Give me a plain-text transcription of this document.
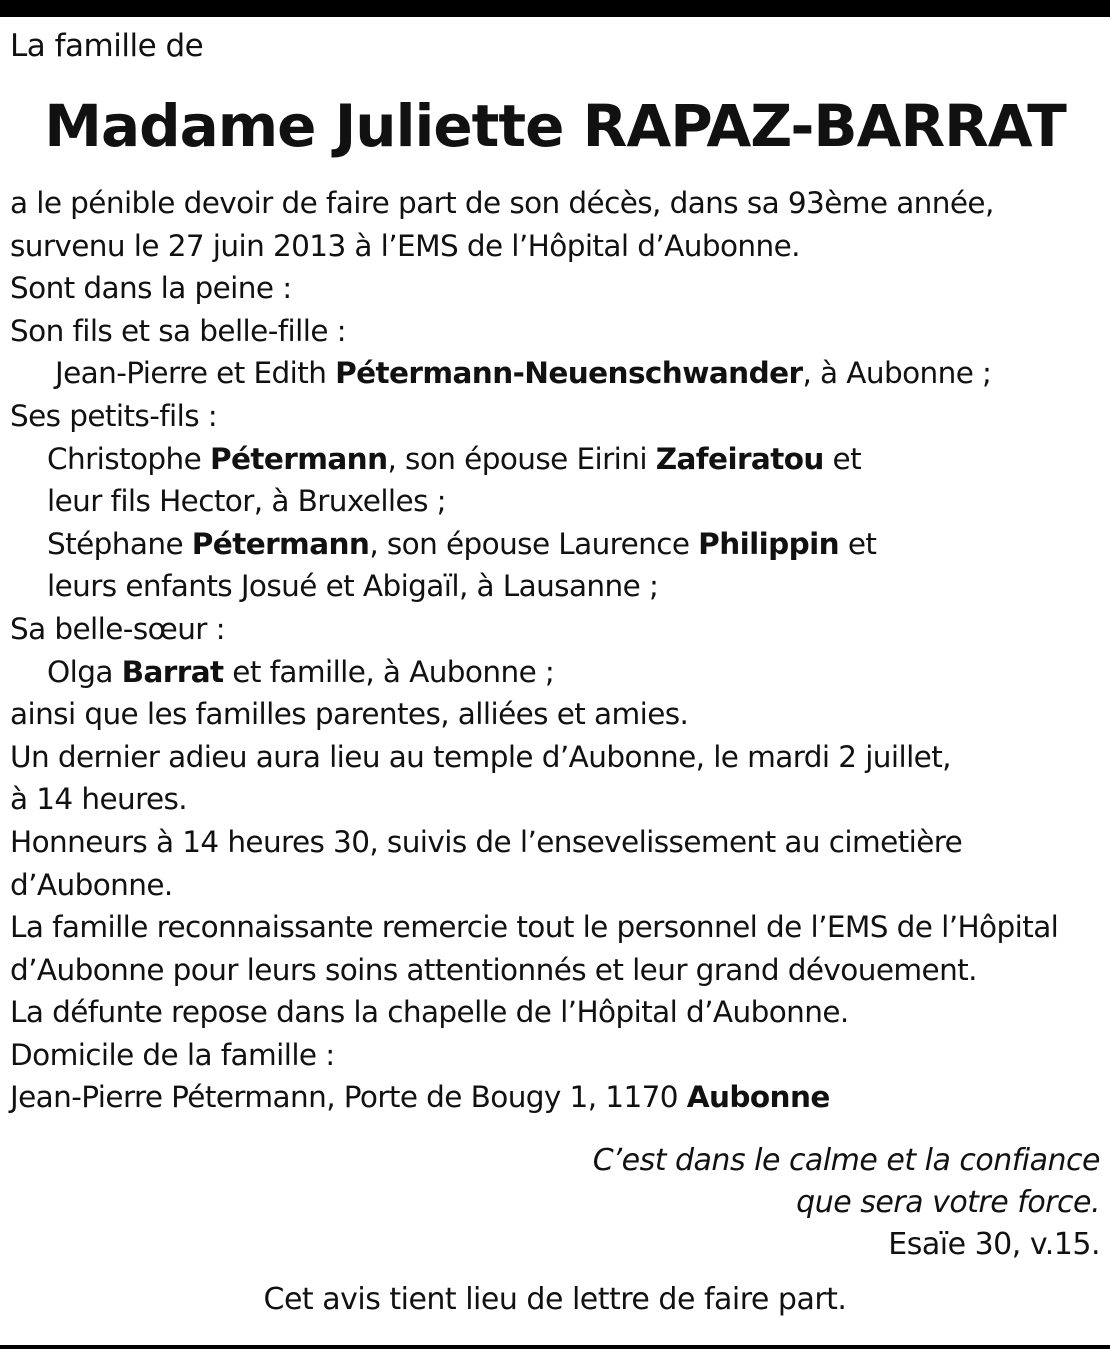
La famille de
Madame Juliette RAPAZ-BARRAT
a le pénible devoir de faire part de son décès, dans sa 93ème année,
survenu le 27 juin 2013 à l’EMS de l’Hôpital d’Aubonne.
Sont dans la peine :
Son fils et sa belle-fille :
Jean-Pierre et Edith Pétermann-Neuenschwander, à Aubonne ;
Ses petits-fils :
Christophe Pétermann, son épouse Eirini Zafeiratou et
leur fils Hector, à Bruxelles ;
Stéphane Pétermann, son épouse Laurence Philippin et
leurs enfants Josué et Abigaïl, à Lausanne ;
Sa belle-sœur :
Olga Barrat et famille, à Aubonne ;
ainsi que les familles parentes, alliées et amies.
Un dernier adieu aura lieu au temple d’Aubonne, le mardi 2 juillet,
à 14 heures.
Honneurs à 14 heures 30, suivis de l’ensevelissement au cimetière
d’Aubonne.
La famille reconnaissante remercie tout le personnel de l’EMS de l’Hôpital
d’Aubonne pour leurs soins attentionnés et leur grand dévouement.
La défunte repose dans la chapelle de l’Hôpital d’Aubonne.
Domicile de la famille :
Jean-Pierre Pétermann, Porte de Bougy 1, 1170 Aubonne
C’est dans le calme et la confiance
que sera votre force.
Esaïe 30, v.15.
Cet avis tient lieu de lettre de faire part.
